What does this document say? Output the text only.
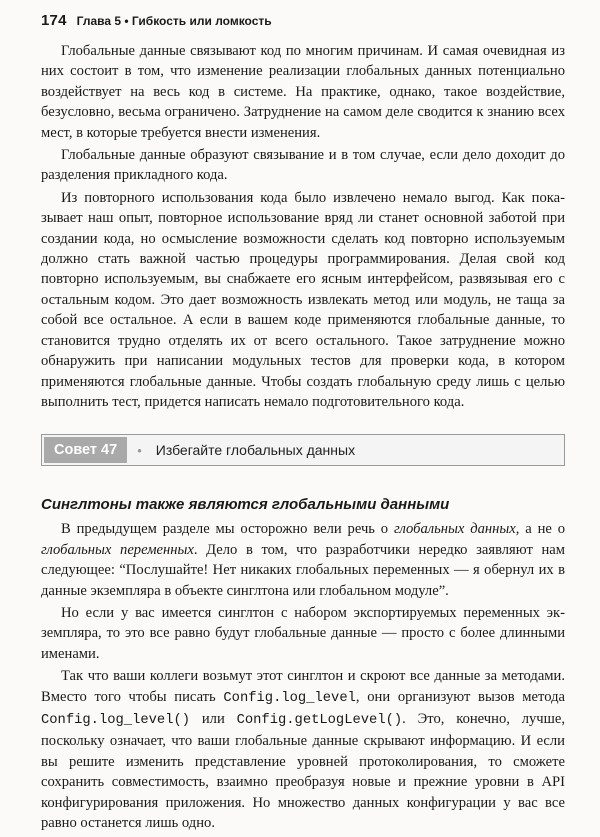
174 Глава 5 • Гибкость или ломкость

Глобальные данные связывают код по многим причинам. И самая очевидная из них состоит в том, что изменение реализации глобальных данных потенциально воздействует на весь код в системе. На практике, однако, такое воздействие, безусловно, весьма ограничено. Затруднение на самом деле сводится к знанию всех мест, в которые требуется внести изменения.

Глобальные данные образуют связывание и в том случае, если дело доходит до разделения прикладного кода.

Из повторного использования кода было извлечено немало выгод. Как показывает наш опыт, повторное использование вряд ли станет основной заботой при создании кода, но осмысление возможности сделать код повторно используемым должно стать важной частью процедуры программирования. Делая свой код повторно используемым, вы снабжаете его ясным интерфейсом, развязывая его с остальным кодом. Это дает возможность извлекать метод или модуль, не таща за собой все остальное. А если в вашем коде применяются глобальные данные, то становится трудно отделять их от всего остального. Такое затруднение можно обнаружить при написании модульных тестов для проверки кода, в котором применяются глобальные данные. Чтобы создать глобальную среду лишь с целью выполнить тест, придется написать немало подготовительного кода.

Совет 47	• Избегайте глобальных данных
Синглтоны также являются глобальными данными

В предыдущем разделе мы осторожно вели речь о глобальных данных, а не о глобальных переменных. Дело в том, что разработчики нередко заявляют нам следующее: “Послушайте! Нет никаких глобальных переменных — я обернул их в данные экземпляра в объекте синглтона или глобальном модуле”.

Но если у вас имеется синглтон с набором экспортируемых переменных экземпляра, то это все равно будут глобальные данные — просто с более длинными именами.

Так что ваши коллеги возьмут этот синглтон и скроют все данные за методами. Вместо того чтобы писать Config.log_level, они организуют вызов метода Config.log_level() или Config.getLogLevel(). Это, конечно, лучше, поскольку означает, что ваши глобальные данные скрывают информацию. И если вы решите изменить представление уровней протоколирования, то сможете сохранить совместимость, взаимно преобразуя новые и прежние уровни в API конфигурирования приложения. Но множество данных конфигурации у вас все равно останется лишь одно.
